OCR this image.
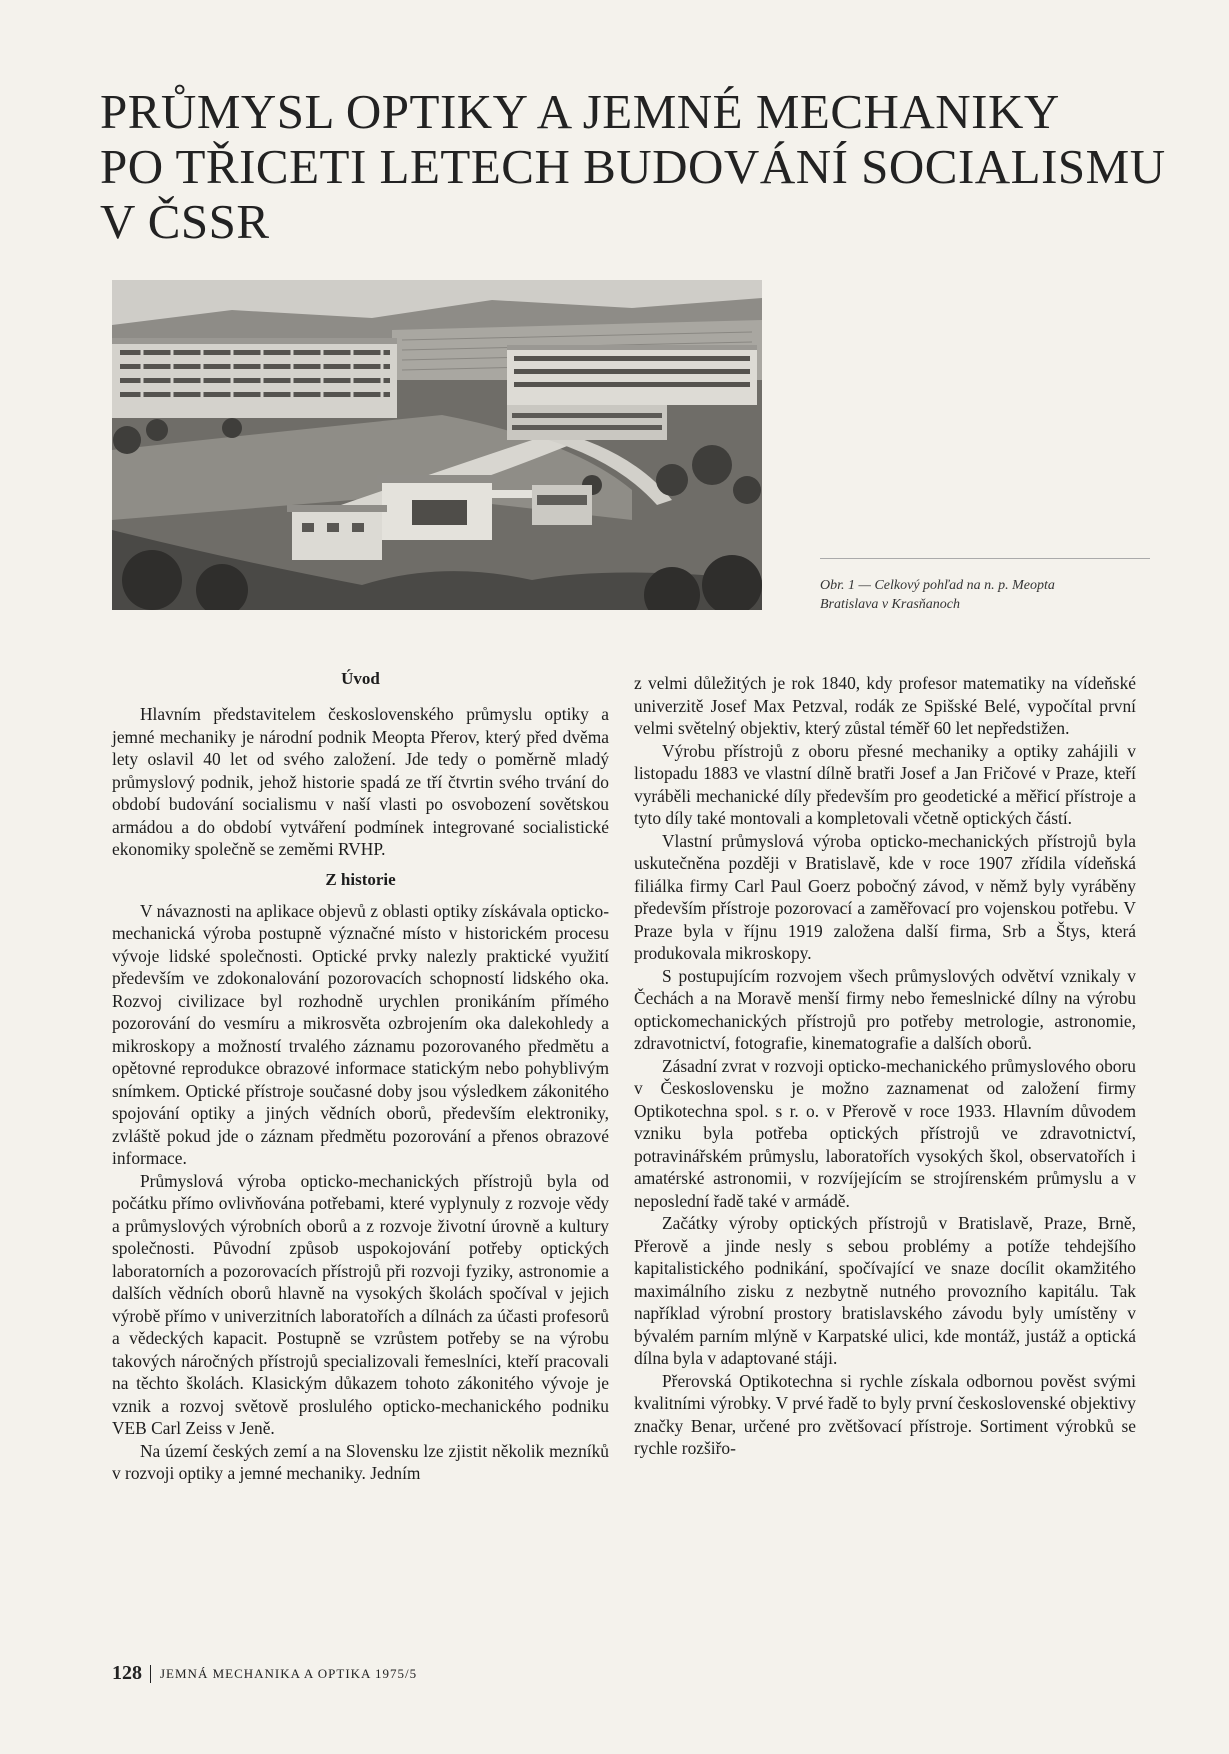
PRŮMYSL OPTIKY A JEMNÉ MECHANIKY
PO TŘICETI LETECH BUDOVÁNÍ SOCIALISMU
V ČSSR
Obr. 1 — Celkový pohľad na n. p. Meopta
Bratislava v Krasňanoch
Úvod

Hlavním představitelem československého průmyslu optiky a jemné mechaniky je národní podnik Meopta Přerov, který před dvěma lety oslavil 40 let od svého založení. Jde tedy o poměrně mladý průmyslový podnik, jehož historie spadá ze tří čtvrtin svého trvání do období budování socialismu v naší vlasti po osvobození sovětskou armádou a do období vytváření podmínek integrované socialistické ekonomiky společně se zeměmi RVHP.

Z historie

V návaznosti na aplikace objevů z oblasti optiky získávala opticko-mechanická výroba postupně význačné místo v historickém procesu vývoje lidské společnosti. Optické prvky nalezly praktické využití především ve zdokonalování pozorovacích schopností lidského oka. Rozvoj civilizace byl rozhodně urychlen pronikáním přímého pozorování do vesmíru a mikrosvěta ozbrojením oka dalekohledy a mikroskopy a možností trvalého záznamu pozorovaného předmětu a opětovné reprodukce obrazové informace statickým nebo pohyblivým snímkem. Optické přístroje současné doby jsou výsledkem zákonitého spojování optiky a jiných vědních oborů, především elektroniky, zvláště pokud jde o záznam předmětu pozorování a přenos obrazové informace.

Průmyslová výroba opticko-mechanických přístrojů byla od počátku přímo ovlivňována potřebami, které vyplynuly z rozvoje vědy a průmyslových výrobních oborů a z rozvoje životní úrovně a kultury společnosti. Původní způsob uspokojování potřeby optických laboratorních a pozorovacích přístrojů při rozvoji fyziky, astronomie a dalších vědních oborů hlavně na vysokých školách spočíval v jejich výrobě přímo v univerzitních laboratořích a dílnách za účasti profesorů a vědeckých kapacit. Postupně se vzrůstem potřeby se na výrobu takových náročných přístrojů specializovali řemeslníci, kteří pracovali na těchto školách. Klasickým důkazem tohoto zákonitého vývoje je vznik a rozvoj světově proslulého opticko-mechanického podniku VEB Carl Zeiss v Jeně.

Na území českých zemí a na Slovensku lze zjistit několik mezníků v rozvoji optiky a jemné mechaniky. Jedním

z velmi důležitých je rok 1840, kdy profesor matematiky na vídeňské univerzitě Josef Max Petzval, rodák ze Spišské Belé, vypočítal první velmi světelný objektiv, který zůstal téměř 60 let nepředstižen.

Výrobu přístrojů z oboru přesné mechaniky a optiky zahájili v listopadu 1883 ve vlastní dílně bratři Josef a Jan Fričové v Praze, kteří vyráběli mechanické díly především pro geodetické a měřicí přístroje a tyto díly také montovali a kompletovali včetně optických částí.

Vlastní průmyslová výroba opticko-mechanických přístrojů byla uskutečněna později v Bratislavě, kde v roce 1907 zřídila vídeňská filiálka firmy Carl Paul Goerz pobočný závod, v němž byly vyráběny především přístroje pozorovací a zaměřovací pro vojenskou potřebu. V Praze byla v říjnu 1919 založena další firma, Srb a Štys, která produkovala mikroskopy.

S postupujícím rozvojem všech průmyslových odvětví vznikaly v Čechách a na Moravě menší firmy nebo řemeslnické dílny na výrobu optickomechanických přístrojů pro potřeby metrologie, astronomie, zdravotnictví, fotografie, kinematografie a dalších oborů.

Zásadní zvrat v rozvoji opticko-mechanického průmyslového oboru v Československu je možno zaznamenat od založení firmy Optikotechna spol. s r. o. v Přerově v roce 1933. Hlavním důvodem vzniku byla potřeba optických přístrojů ve zdravotnictví, potravinářském průmyslu, laboratořích vysokých škol, observatořích i amatérské astronomii, v rozvíjejícím se strojírenském průmyslu a v neposlední řadě také v armádě.

Začátky výroby optických přístrojů v Bratislavě, Praze, Brně, Přerově a jinde nesly s sebou problémy a potíže tehdejšího kapitalistického podnikání, spočívající ve snaze docílit okamžitého maximálního zisku z nezbytně nutného provozního kapitálu. Tak například výrobní prostory bratislavského závodu byly umístěny v bývalém parním mlýně v Karpatské ulici, kde montáž, justáž a optická dílna byla v adaptované stáji.

Přerovská Optikotechna si rychle získala odbornou pověst svými kvalitními výrobky. V prvé řadě to byly první československé objektivy značky Benar, určené pro zvětšovací přístroje. Sortiment výrobků se rychle rozšiřo-

128 JEMNÁ MECHANIKA A OPTIKA 1975/5
